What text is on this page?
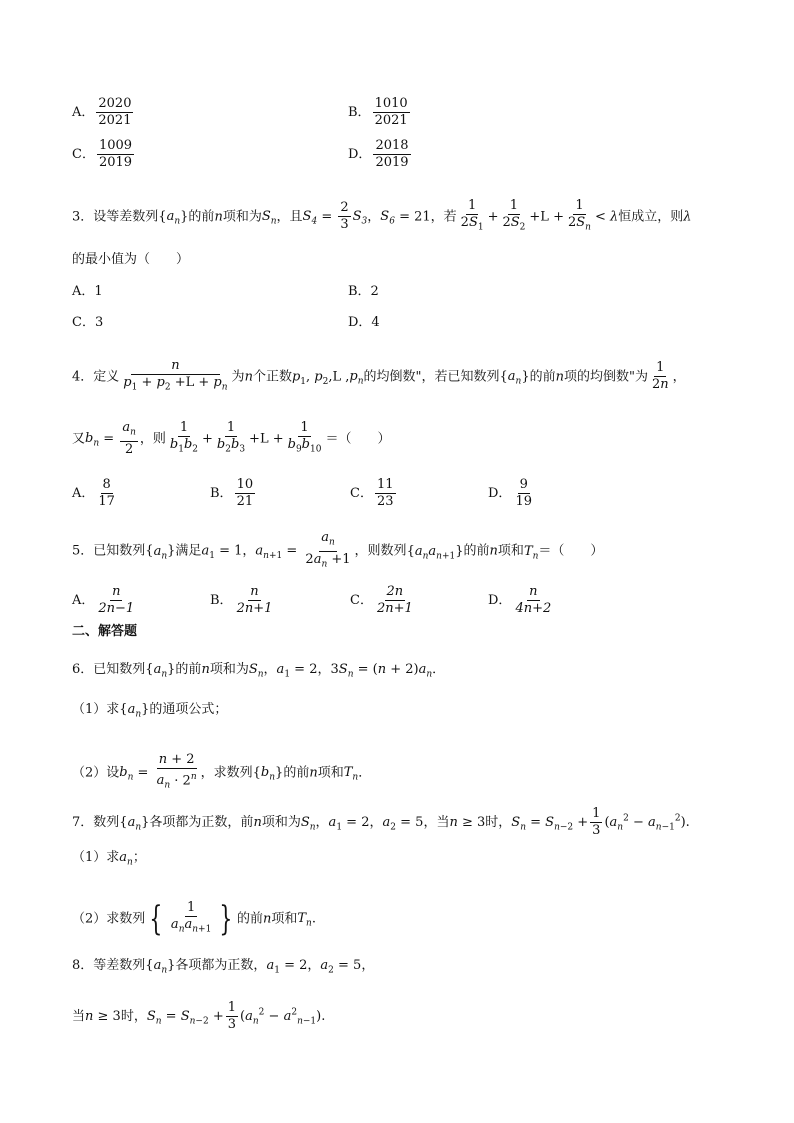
A． $\frac{2020}{2021}$	B． $\frac{1010}{2021}$
C． $\frac{1009}{2019}$	D． $\frac{2018}{2019}$
3．设等差数列$\{a_n\}$的前n项和为$S_n$，且$S_4 = \frac{2}{3} S_3$，$S_6 = 21$，若 $\frac{1}{2S_1} + \frac{1}{2S_2} +L + \frac{1}{2S_n} < \lambda$恒成立，则λ
的最小值为（　　）
A．1	B．2
C．3	D．4
4．定义 $\frac{n}{p_1 + p_2 +L + p_n}$ 为n个正数$p_1$, $p_2,L$ $,p_n$的均倒数"，若已知数列$\{a_n\}$的前n项的均倒数"为 $\frac{1}{2n}$ ，
又$b_n = \frac{a_n}{2}$ ，则 $\frac{1}{b_1b_2} + \frac{1}{b_2b_3} +L + \frac{1}{b_9b_{10}}$ ＝（　　）
A． $\frac{8}{17}$	B． $\frac{10}{21}$	C． $\frac{11}{23}$	D． $\frac{9}{19}$
5．已知数列$\{a_n\}$满足$a_1 = 1$，$a_{n+1} = \frac{a_n}{2a_n +1}$ ，则数列$\{a_na_{n+1}\}$的前n项和$T_n=$（　　）
A． $\frac{n}{2n-1}$	B． $\frac{n}{2n+1}$	C． $\frac{2n}{2n+1}$	D． $\frac{n}{4n+2}$
二、解答题
6．已知数列$\{a_n\}$的前n项和为$S_n$，$a_1 = 2$，$3S_n = (n + 2)a_n$．
（1）求$\{a_n\}$的通项公式；
（2）设$b_n = \frac{n + 2}{a_n \cdot 2^n}$ ，求数列$\{b_n\}$的前n项和$T_n$．
7．数列$\{a_n\}$各项都为正数，前n项和为$S_n$，$a_1 = 2$，$a_2 = 5$，当n ≥ 3时，$S_n = S_{n-2} + \frac{1}{3} (a_n^2 - a_{n-1}^2)$.
（1）求$a_n$；
（2）求数列 { $\frac{1}{a_na_{n+1}}$ } 的前n项和$T_n$.
8．等差数列$\{a_n\}$各项都为正数，$a_1 = 2$，$a_2 = 5$，
当n ≥ 3时，$S_n = S_{n-2} + \frac{1}{3} (a_n^2 - a^2_{n-1})$.
